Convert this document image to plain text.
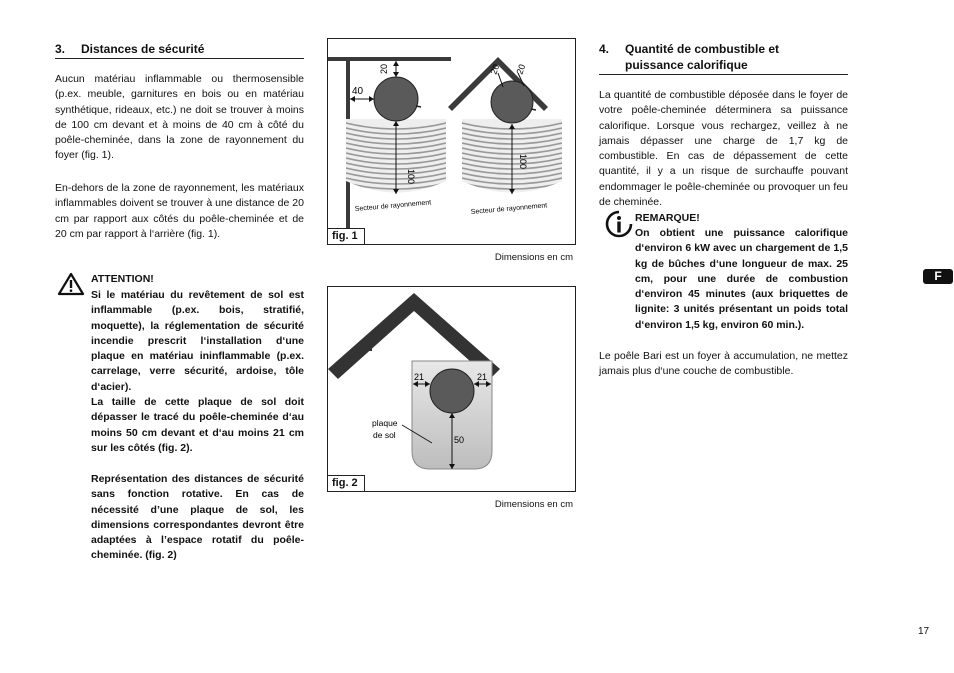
3. Distances de sécurité

Aucun matériau inflammable ou thermosensible (p.ex. meuble, garnitures en bois ou en matériau synthétique, rideaux, etc.) ne doit se trouver à moins de 100 cm devant et à moins de 40 cm à côté du poêle-cheminée, dans la zone de rayonnement du foyer (fig. 1).

En-dehors de la zone de rayonnement, les matériaux inflammables doivent se trouver à une distance de 20 cm par rapport aux côtés du poêle-cheminée et de 20 cm par rapport à l‘arrière (fig. 1).

ATTENTION!

Si le matériau du revêtement de sol est inflammable (p.ex. bois, stratifié, moquette), la réglementation de sécurité incendie prescrit l‘installation d‘une plaque en matériau ininflammable (p.ex. carrelage, verre sécurité, ardoise, tôle d‘acier).

La taille de cette plaque de sol doit dépasser le tracé du poêle-cheminée d‘au moins 50 cm devant et d‘au moins 21 cm sur les côtés (fig. 2).

Représentation des distances de sécurité sans fonction rotative. En cas de nécessité d’une plaque de sol, les dimensions correspondantes devront être adaptées à l’espace rotatif du poêle-cheminée. (fig. 2)

20
40
100
Secteur de rayonnement
20 20
100
Secteur de rayonnement
fig. 1
Dimensions en cm
21	21
50
plaque
de sol
fig. 2
Dimensions en cm
4. Quantité de combustible et
puissance calorifique

La quantité de combustible déposée dans le foyer de votre poêle-cheminée déterminera sa puissance calorifique. Lorsque vous rechargez, veillez à ne jamais dépasser une charge de 1,7 kg de combustible. En cas de dépassement de cette quantité, il y a un risque de surchauffe pouvant endommager le poêle-cheminée ou provoquer un feu de cheminée.

REMARQUE!

On obtient une puissance calorifique d‘environ 6 kW avec un chargement de 1,5 kg de bûches d‘une longueur de max. 25 cm, pour une durée de combustion d‘environ 45 minutes (aux briquettes de lignite: 3 unités présentant un poids total d‘environ 1,5 kg, environ 60 min.).

Le poêle Bari est un foyer à accumulation, ne mettez jamais plus d‘une couche de combustible.

F
17
